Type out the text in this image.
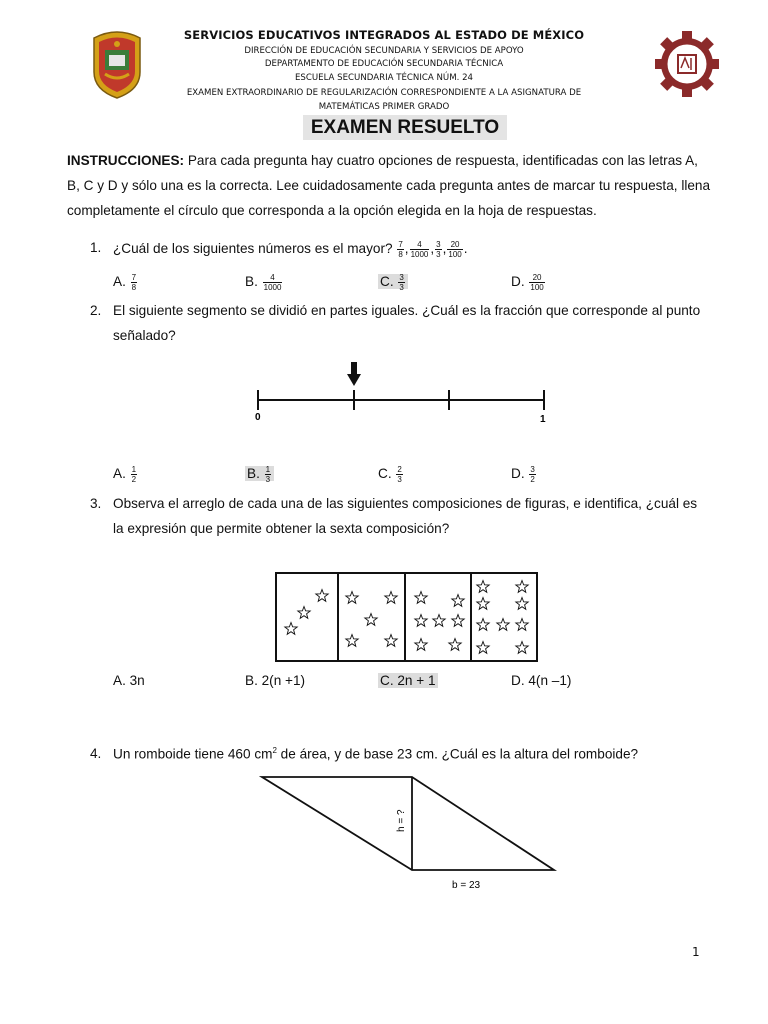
SERVICIOS EDUCATIVOS INTEGRADOS AL ESTADO DE MÉXICO
DIRECCIÓN DE EDUCACIÓN SECUNDARIA Y SERVICIOS DE APOYO
DEPARTAMENTO DE EDUCACIÓN SECUNDARIA TÉCNICA
ESCUELA SECUNDARIA TÉCNICA NÚM. 24
EXAMEN EXTRAORDINARIO DE REGULARIZACIÓN CORRESPONDIENTE A LA ASIGNATURA DE
MATEMÁTICAS PRIMER GRADO
EXAMEN RESUELTO
INSTRUCCIONES: Para cada pregunta hay cuatro opciones de respuesta, identificadas con las letras A, B, C y D y sólo una es la correcta. Lee cuidadosamente cada pregunta antes de marcar tu respuesta, llena completamente el círculo que corresponda a la opción elegida en la hoja de respuestas.
1. ¿Cuál de los siguientes números es el mayor? $\frac{7}{8}$ , $\frac{4}{1000}$ , $\frac{3}{3}$ , $\frac{20}{100}$ .
A. $\frac{7}{8}$	B. $\frac{4}{1000}$	C. $\frac{3}{3}$	D. $\frac{20}{100}$
2. El siguiente segmento se dividió en partes iguales. ¿Cuál es la fracción que corresponde al punto
señalado?
0	1
A. $\frac{1}{2}$	B. $\frac{1}{3}$	C. $\frac{2}{3}$	D. $\frac{3}{2}$
3. Observa el arreglo de cada una de las siguientes composiciones de figuras, e identifica, ¿cuál es
la expresión que permite obtener la sexta composición?
A. 3n	B. 2(n +1)	C. 2n + 1	D. 4(n –1)
4. Un romboide tiene 460 $cm^2$ de área, y de base 23 cm. ¿Cuál es la altura del romboide?
h = ?
b = 23
1
